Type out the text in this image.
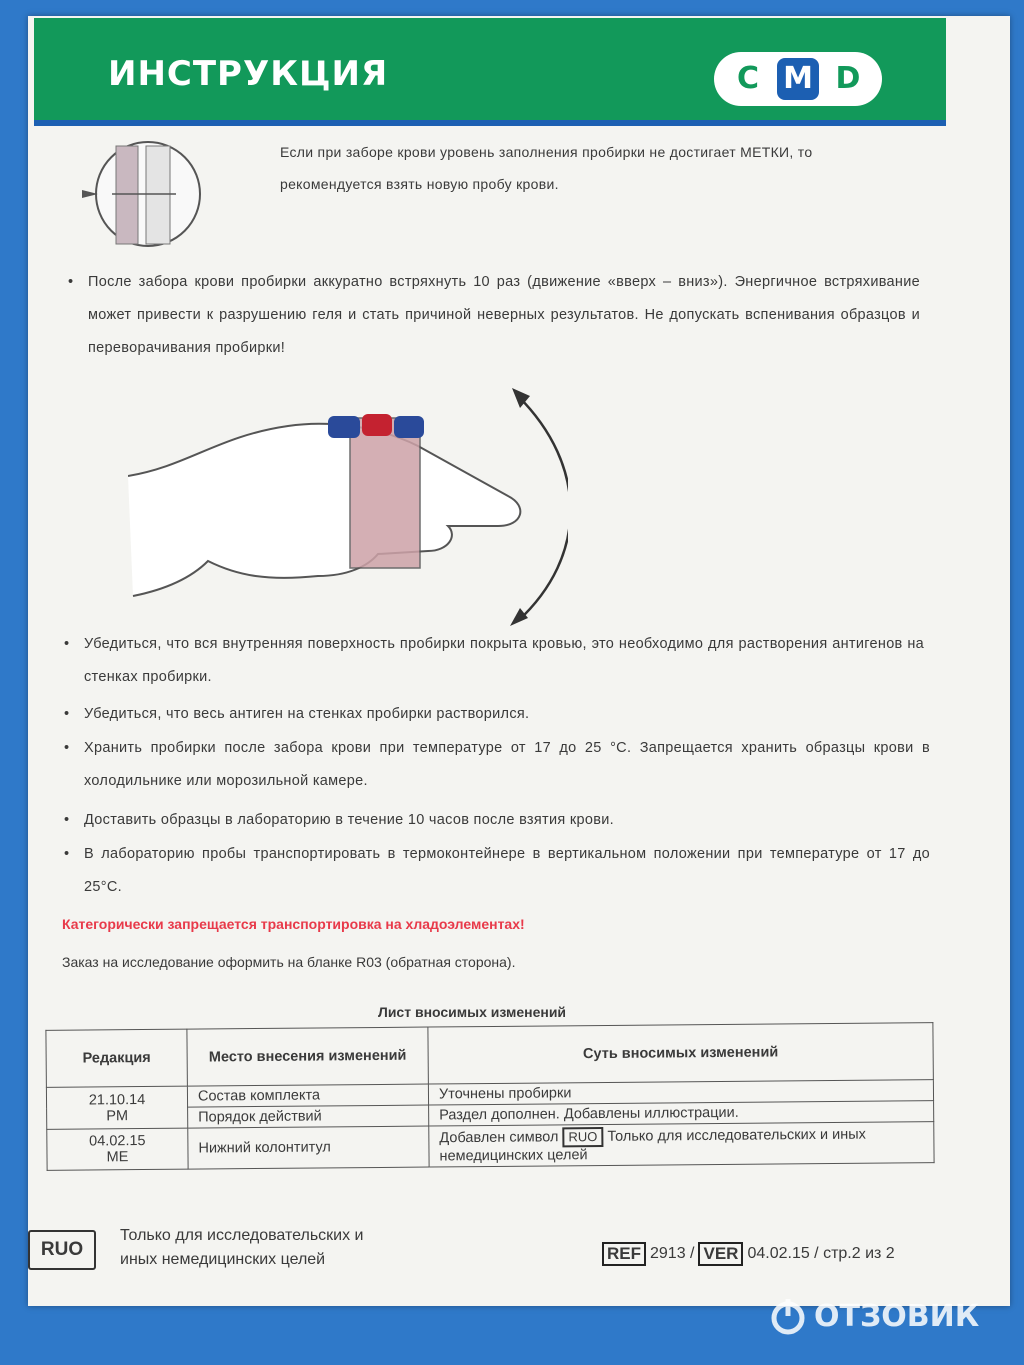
ИНСТРУКЦИЯ	C M D
Если при заборе крови уровень заполнения пробирки не достигает МЕТКИ, то
рекомендуется взять новую пробу крови.
• После забора крови пробирки аккуратно встряхнуть 10 раз (движение «вверх – вниз»). Энергичное встряхивание может привести к разрушению геля и стать причиной неверных результатов. Не допускать вспенивания образцов и переворачивания пробирки!
• Убедиться, что вся внутренняя поверхность пробирки покрыта кровью, это необходимо для растворения антигенов на стенках пробирки.
• Убедиться, что весь антиген на стенках пробирки растворился.
• Хранить пробирки после забора крови при температуре от 17 до 25 °С. Запрещается хранить образцы крови в холодильнике или морозильной камере.
• Доставить образцы в лабораторию в течение 10 часов после взятия крови.
• В лабораторию пробы транспортировать в термоконтейнере в вертикальном положении при температуре от 17 до 25°С.
Категорически запрещается транспортировка на хладоэлементах!
Заказ на исследование оформить на бланке R03 (обратная сторона).
Лист вносимых изменений
Редакция	Место внесения изменений	Суть вносимых изменений

21.10.14
PM	Состав комплекта	Уточнены пробирки
	Порядок действий	Раздел дополнен. Добавлены иллюстрации.

04.02.15
ME	Нижний колонтитул	Добавлен символ RUO Только для исследовательских и иных немедицинских целей
RUO
Только для исследовательских и
иных немедицинских целей	REF 2913 / VER 04.02.15 / стр.2 из 2
ОТЗОВИК
